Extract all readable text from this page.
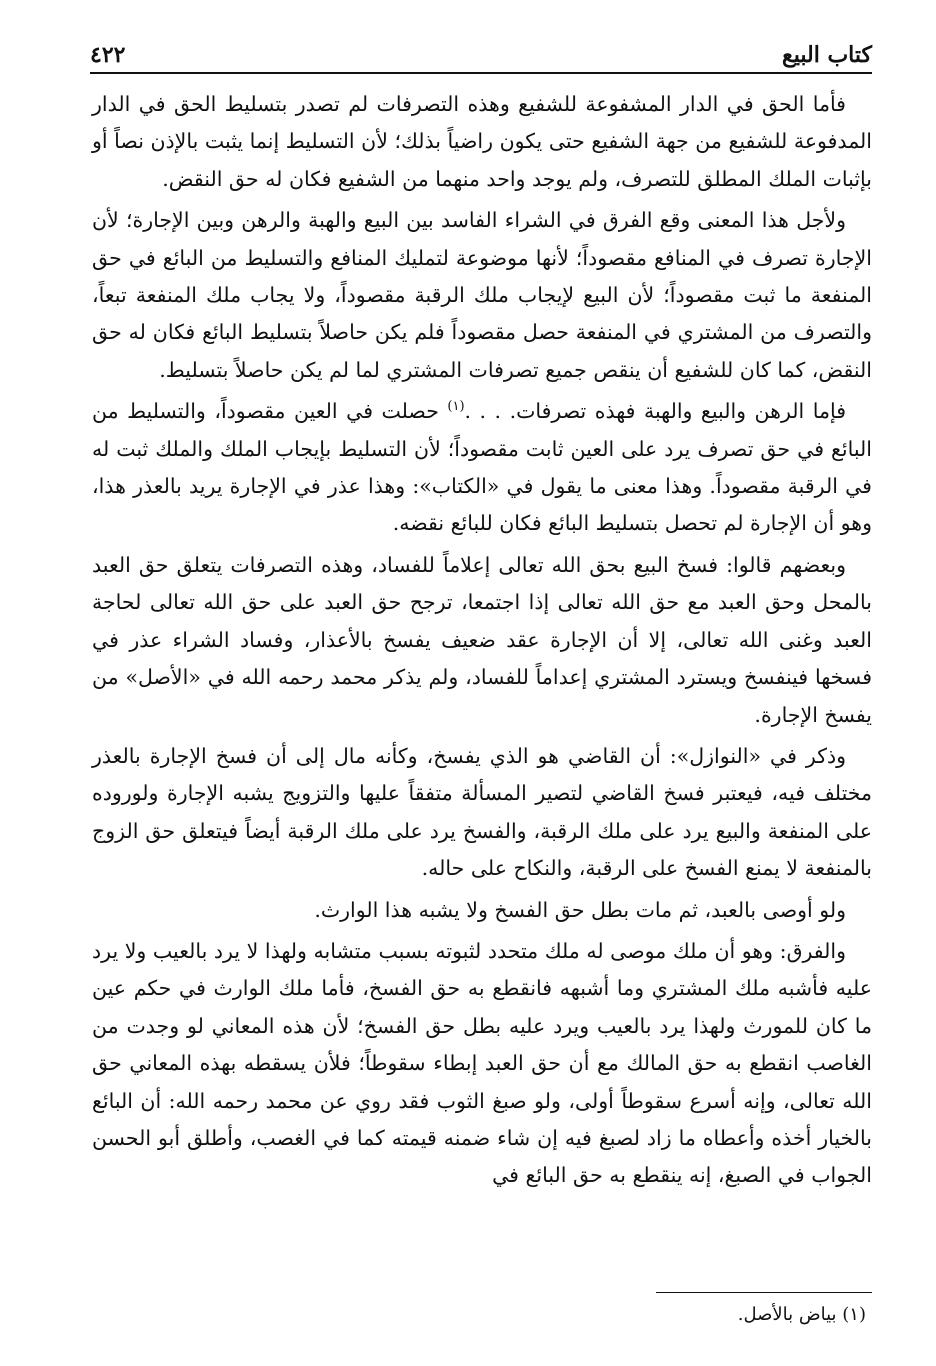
كتاب البيع
٤٢٢

فأما الحق في الدار المشفوعة للشفيع وهذه التصرفات لم تصدر بتسليط الحق في الدار المدفوعة للشفيع من جهة الشفيع حتى يكون راضياً بذلك؛ لأن التسليط إنما يثبت بالإذن نصاً أو بإثبات الملك المطلق للتصرف، ولم يوجد واحد منهما من الشفيع فكان له حق النقض.

ولأجل هذا المعنى وقع الفرق في الشراء الفاسد بين البيع والهبة والرهن وبين الإجارة؛ لأن الإجارة تصرف في المنافع مقصوداً؛ لأنها موضوعة لتمليك المنافع والتسليط من البائع في حق المنفعة ما ثبت مقصوداً؛ لأن البيع لإيجاب ملك الرقبة مقصوداً، ولا يجاب ملك المنفعة تبعاً، والتصرف من المشتري في المنفعة حصل مقصوداً فلم يكن حاصلاً بتسليط البائع فكان له حق النقض، كما كان للشفيع أن ينقص جميع تصرفات المشتري لما لم يكن حاصلاً بتسليط.

فإما الرهن والبيع والهبة فهذه تصرفات. . . .$^{(١)}$ حصلت في العين مقصوداً، والتسليط من البائع في حق تصرف يرد على العين ثابت مقصوداً؛ لأن التسليط بإيجاب الملك والملك ثبت له في الرقبة مقصوداً. وهذا معنى ما يقول في «الكتاب»: وهذا عذر في الإجارة يريد بالعذر هذا، وهو أن الإجارة لم تحصل بتسليط البائع فكان للبائع نقضه.

وبعضهم قالوا: فسخ البيع بحق الله تعالى إعلاماً للفساد، وهذه التصرفات يتعلق حق العبد بالمحل وحق العبد مع حق الله تعالى إذا اجتمعا، ترجح حق العبد على حق الله تعالى لحاجة العبد وغنى الله تعالى، إلا أن الإجارة عقد ضعيف يفسخ بالأعذار، وفساد الشراء عذر في فسخها فينفسخ ويسترد المشتري إعداماً للفساد، ولم يذكر محمد رحمه الله في «الأصل» من يفسخ الإجارة.

وذكر في «النوازل»: أن القاضي هو الذي يفسخ، وكأنه مال إلى أن فسخ الإجارة بالعذر مختلف فيه، فيعتبر فسخ القاضي لتصير المسألة متفقاً عليها والتزويج يشبه الإجارة ولوروده على المنفعة والبيع يرد على ملك الرقبة، والفسخ يرد على ملك الرقبة أيضاً فيتعلق حق الزوج بالمنفعة لا يمنع الفسخ على الرقبة، والنكاح على حاله.

ولو أوصى بالعبد، ثم مات بطل حق الفسخ ولا يشبه هذا الوارث.

والفرق: وهو أن ملك موصى له ملك متحدد لثبوته بسبب متشابه ولهذا لا يرد بالعيب ولا يرد عليه فأشبه ملك المشتري وما أشبهه فانقطع به حق الفسخ، فأما ملك الوارث في حكم عين ما كان للمورث ولهذا يرد بالعيب ويرد عليه بطل حق الفسخ؛ لأن هذه المعاني لو وجدت من الغاصب انقطع به حق المالك مع أن حق العبد إبطاء سقوطاً؛ فلأن يسقطه بهذه المعاني حق الله تعالى، وإنه أسرع سقوطاً أولى، ولو صبغ الثوب فقد روي عن محمد رحمه الله: أن البائع بالخيار أخذه وأعطاه ما زاد لصبغ فيه إن شاء ضمنه قيمته كما في الغصب، وأطلق أبو الحسن الجواب في الصبغ، إنه ينقطع به حق البائع في

(١) بياض بالأصل.
